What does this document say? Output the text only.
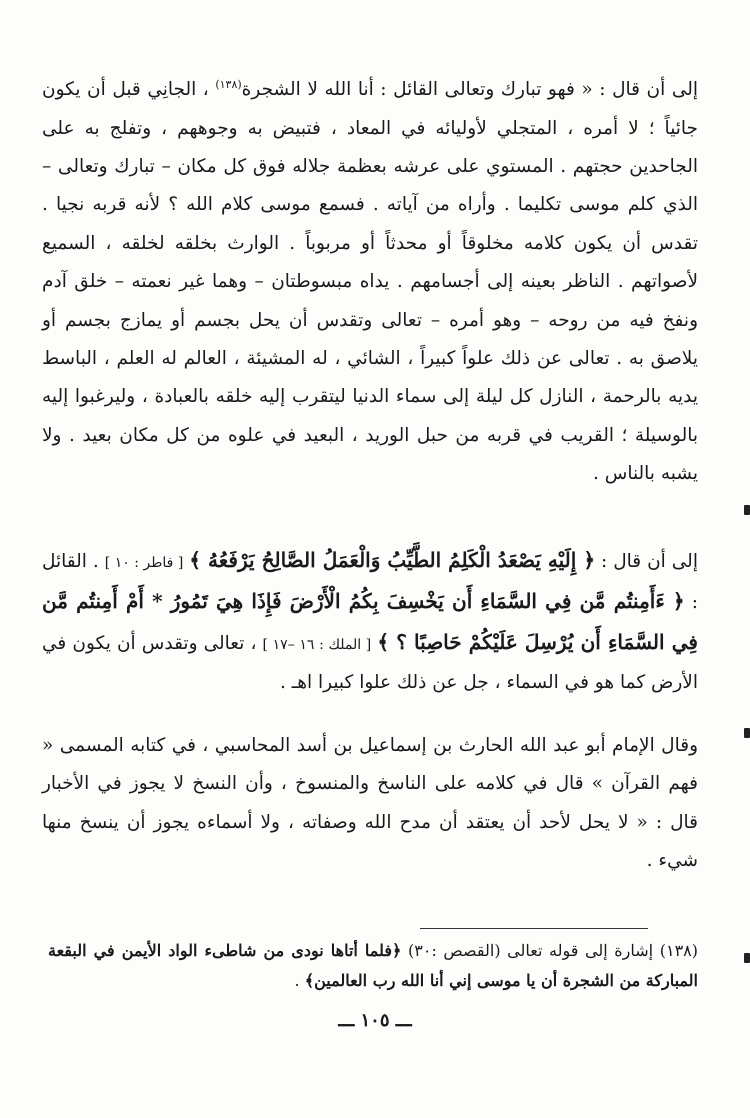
إلى أن قال : « فهو تبارك وتعالى القائل : أنا الله لا الشجرة$^{(١٣٨)}$ ، الجانِي قبل أن يكون جائياً ؛ لا أمره ، المتجلي لأوليائه في المعاد ، فتبيض به وجوههم ، وتفلج به على الجاحدين حجتهم . المستوي على عرشه بعظمة جلاله فوق كل مكان – تبارك وتعالى – الذي كلم موسى تكليما . وأراه من آياته . فسمع موسى كلام الله ؟ لأنه قربه نجيا . تقدس أن يكون كلامه مخلوقاً أو محدثاً أو مربوباً . الوارث بخلقه لخلقه ، السميع لأصواتهم . الناظر بعينه إلى أجسامهم . يداه مبسوطتان – وهما غير نعمته – خلق آدم ونفخ فيه من روحه – وهو أمره – تعالى وتقدس أن يحل بجسم أو يمازج بجسم أو يلاصق به . تعالى عن ذلك علواً كبيراً ، الشائي ، له المشيئة ، العالم له العلم ، الباسط يديه بالرحمة ، النازل كل ليلة إلى سماء الدنيا ليتقرب إليه خلقه بالعبادة ، وليرغبوا إليه بالوسيلة ؛ القريب في قربه من حبل الوريد ، البعيد في علوه من كل مكان بعيد . ولا يشبه بالناس .

إلى أن قال : ﴿ إِلَيْهِ يَصْعَدُ الْكَلِمُ الطَّيِّبُ وَالْعَمَلُ الصَّالِحُ يَرْفَعُهُ ﴾ [ فاطر : ١٠ ] . القائل : ﴿ ءَأَمِنتُم مَّن فِي السَّمَاءِ أَن يَخْسِفَ بِكُمُ الْأَرْضَ فَإِذَا هِيَ تَمُورُ * أَمْ أَمِنتُم مَّن فِي السَّمَاءِ أَن يُرْسِلَ عَلَيْكُمْ حَاصِبًا ؟ ﴾ [ الملك : ١٦ –١٧ ] ، تعالى وتقدس أن يكون في الأرض كما هو في السماء ، جل عن ذلك علوا كبيرا اهـ .

وقال الإمام أبو عبد الله الحارث بن إسماعيل بن أسد المحاسبي ، في كتابه المسمى « فهم القرآن » قال في كلامه على الناسخ والمنسوخ ، وأن النسخ لا يجوز في الأخبار قال : « لا يحل لأحد أن يعتقد أن مدح الله وصفاته ، ولا أسماءه يجوز أن ينسخ منها شيء .

(١٣٨) إشارة إلى قوله تعالى (القصص :٣٠) ﴿فلما أتاها نودى من شاطىء الواد الأيمن في البقعة المباركة من الشجرة أن يا موسى إني أنا الله رب العالمين﴾ .

ـــ ١٠٥ ـــ
